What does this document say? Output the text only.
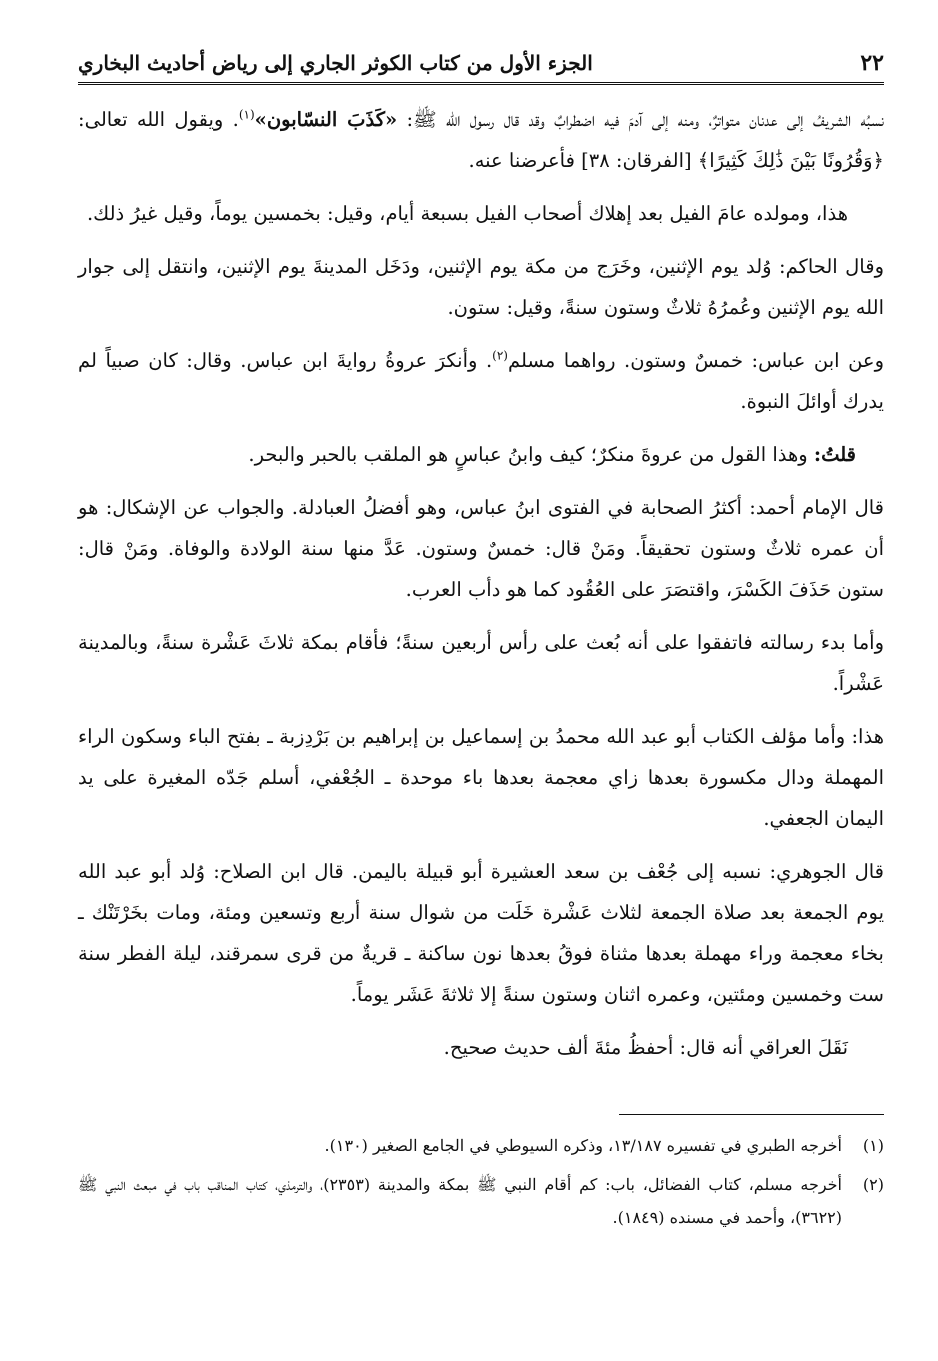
٢٢
الجزء الأول من كتاب الكوثر الجاري إلى رياض أحاديث البخاري

نسبُه الشريفُ إلى عدنان متواترٌ، ومنه إلى آدمَ فيه اضطرابٌ وقد قال رسول الله ﷺ: «كَذَبَ النسّابون»$^{(١)}$. ويقول الله تعالى: ﴿وَقُرُونًا بَيْنَ ذَٰلِكَ كَثِيرًا﴾ [الفرقان: ٣٨] فأعرضنا عنه.

هذا، ومولده عامَ الفيل بعد إهلاك أصحاب الفيل بسبعة أيام، وقيل: بخمسين يوماً، وقيل غيرُ ذلك.

وقال الحاكم: وُلد يوم الإثنين، وخَرَج من مكة يوم الإثنين، ودَخَل المدينةَ يوم الإثنين، وانتقل إلى جوار الله يوم الإثنين وعُمرُهُ ثلاثٌ وستون سنةً، وقيل: ستون.

وعن ابن عباس: خمسٌ وستون. رواهما مسلم$^{(٢)}$. وأنكرَ عروةُ روايةَ ابن عباس. وقال: كان صبياً لم يدرك أوائلَ النبوة.

قلتُ: وهذا القول من عروةَ منكرٌ؛ كيف وابنُ عباسٍ هو الملقب بالحبر والبحر.

قال الإمام أحمد: أكثرُ الصحابة في الفتوى ابنُ عباس، وهو أفضلُ العبادلة. والجواب عن الإشكال: هو أن عمره ثلاثٌ وستون تحقيقاً. ومَنْ قال: خمسٌ وستون. عَدَّ منها سنة الولادة والوفاة. ومَنْ قال: ستون حَذَفَ الكَسْرَ، واقتصَرَ على العُقُود كما هو دأب العرب.

وأما بدء رسالته فاتفقوا على أنه بُعث على رأس أربعين سنةً؛ فأقام بمكة ثلاثَ عَشْرة سنةً، وبالمدينة عَشْراً.

هذا: وأما مؤلف الكتاب أبو عبد الله محمدُ بن إسماعيل بن إبراهيم بن بَرْدِزبة ـ بفتح الباء وسكون الراء المهملة ودال مكسورة بعدها زاي معجمة بعدها باء موحدة ـ الجُعْفي، أسلم جَدّه المغيرة على يد اليمان الجعفي.

قال الجوهري: نسبه إلى جُعْف بن سعد العشيرة أبو قبيلة باليمن. قال ابن الصلاح: وُلد أبو عبد الله يوم الجمعة بعد صلاة الجمعة لثلاث عَشْرة خَلَت من شوال سنة أربع وتسعين ومئة، ومات بخَرْتَنْك ـ بخاء معجمة وراء مهملة بعدها مثناة فوقُ بعدها نون ساكنة ـ قريةٌ من قرى سمرقند، ليلة الفطر سنة ست وخمسين ومئتين، وعمره اثنان وستون سنةً إلا ثلاثةَ عَشَر يوماً.

نَقَلَ العراقي أنه قال: أحفظُ مئةَ ألف حديث صحيح.

(١)
أخرجه الطبري في تفسيره ١٣/١٨٧، وذكره السيوطي في الجامع الصغير (١٣٠).
(٢)
أخرجه مسلم، كتاب الفضائل، باب: كم أقام النبي ﷺ بمكة والمدينة (٢٣٥٣)، والترمذي، كتاب المناقب باب في مبعث النبي ﷺ (٣٦٢٢)، وأحمد في مسنده (١٨٤٩).
